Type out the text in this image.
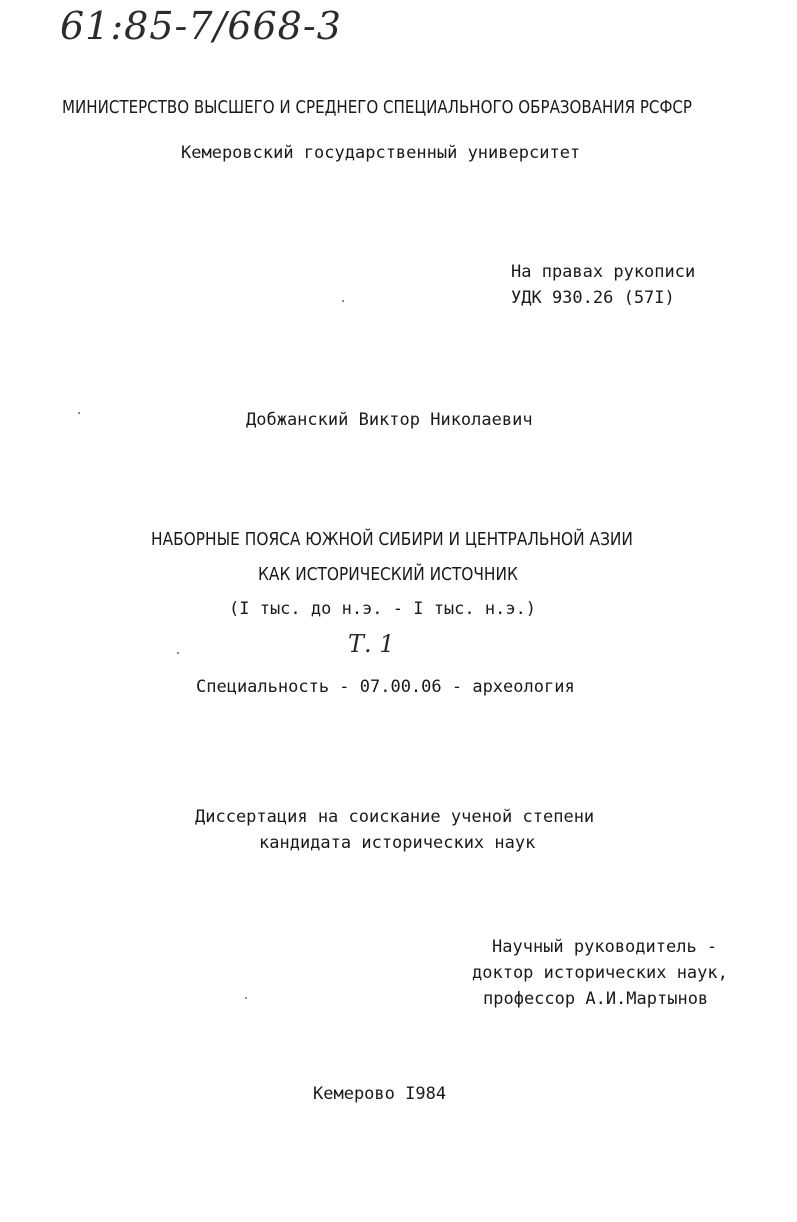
61:85-7/668-3
МИНИСТЕРСТВО ВЫСШЕГО И СРЕДНЕГО СПЕЦИАЛЬНОГО ОБРАЗОВАНИЯ РСФСР
Кемеровский государственный университет
На правах рукописи
УДК 930.26 (57I)
Добжанский Виктор Николаевич
НАБОРНЫЕ ПОЯСА ЮЖНОЙ СИБИРИ И ЦЕНТРАЛЬНОЙ АЗИИ
КАК ИСТОРИЧЕСКИЙ ИСТОЧНИК
(I тыс. до н.э. - I тыс. н.э.)
Т. 1
Специальность - 07.00.06 - археология
Диссертация на соискание ученой степени
кандидата исторических наук
Научный руководитель -
доктор исторических наук,
профессор А.И.Мартынов
Кемерово I984
